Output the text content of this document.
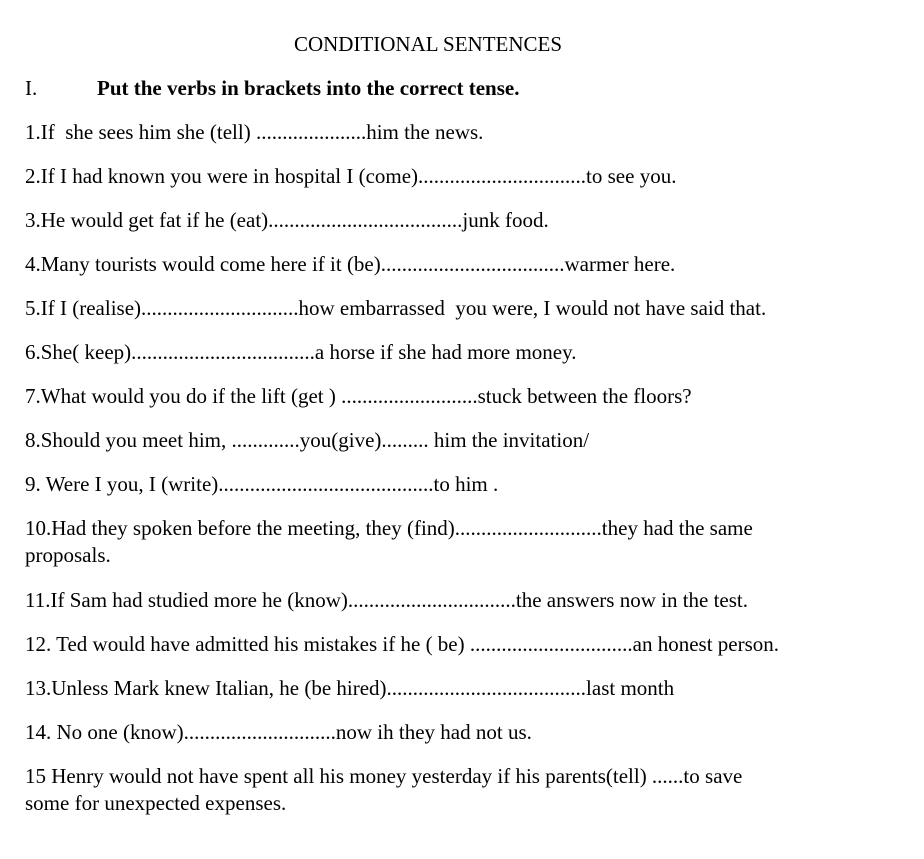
CONDITIONAL SENTENCES
I.	Put the verbs in brackets into the correct tense.
1.If  she sees him she (tell) .....................him the news.
2.If I had known you were in hospital I (come)................................to see you.
3.He would get fat if he (eat).....................................junk food.
4.Many tourists would come here if it (be)...................................warmer here.
5.If I (realise)..............................how embarrassed  you were, I would not have said that.
6.She( keep)...................................a horse if she had more money.
7.What would you do if the lift (get ) ..........................stuck between the floors?
8.Should you meet him, .............you(give)......... him the invitation/
9. Were I you, I (write).........................................to him .
10.Had they spoken before the meeting, they (find)............................they had the same
proposals.
11.If Sam had studied more he (know)................................the answers now in the test.
12. Ted would have admitted his mistakes if he ( be) ...............................an honest person.
13.Unless Mark knew Italian, he (be hired)......................................last month
14. No one (know).............................now ih they had not us.
15 Henry would not have spent all his money yesterday if his parents(tell) ......to save
some for unexpected expenses.
